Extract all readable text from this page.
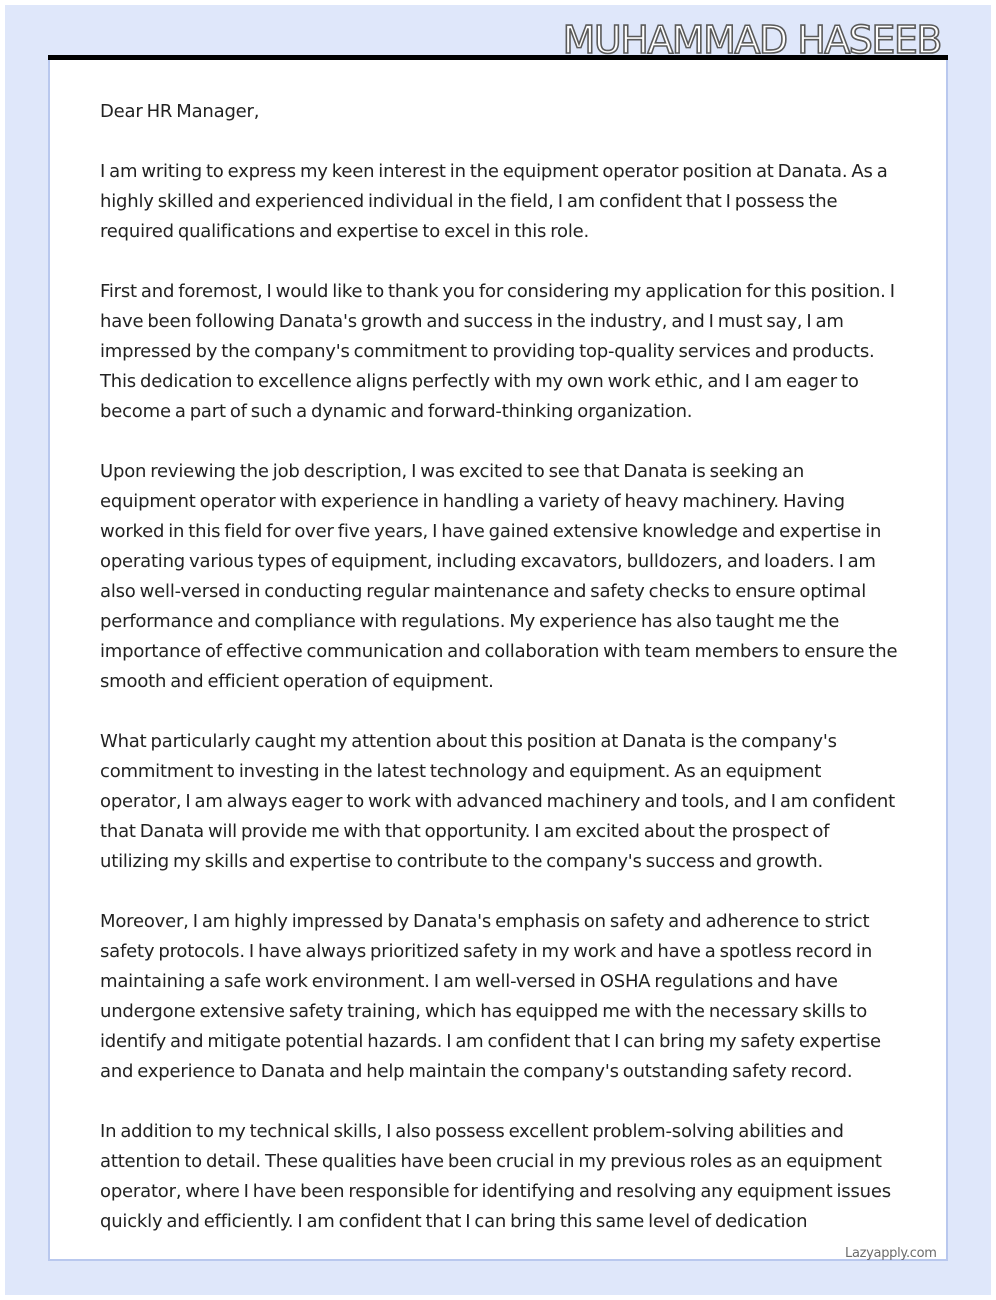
MUHAMMAD HASEEB

Dear HR Manager,

I am writing to express my keen interest in the equipment operator position at Danata. As a highly skilled and experienced individual in the field, I am confident that I possess the required qualifications and expertise to excel in this role.

First and foremost, I would like to thank you for considering my application for this position. I have been following Danata's growth and success in the industry, and I must say, I am impressed by the company's commitment to providing top-quality services and products. This dedication to excellence aligns perfectly with my own work ethic, and I am eager to become a part of such a dynamic and forward-thinking organization.

Upon reviewing the job description, I was excited to see that Danata is seeking an equipment operator with experience in handling a variety of heavy machinery. Having worked in this field for over five years, I have gained extensive knowledge and expertise in operating various types of equipment, including excavators, bulldozers, and loaders. I am also well-versed in conducting regular maintenance and safety checks to ensure optimal performance and compliance with regulations. My experience has also taught me the importance of effective communication and collaboration with team members to ensure the smooth and efficient operation of equipment.

What particularly caught my attention about this position at Danata is the company's commitment to investing in the latest technology and equipment. As an equipment operator, I am always eager to work with advanced machinery and tools, and I am confident that Danata will provide me with that opportunity. I am excited about the prospect of utilizing my skills and expertise to contribute to the company's success and growth.

Moreover, I am highly impressed by Danata's emphasis on safety and adherence to strict safety protocols. I have always prioritized safety in my work and have a spotless record in maintaining a safe work environment. I am well-versed in OSHA regulations and have undergone extensive safety training, which has equipped me with the necessary skills to identify and mitigate potential hazards. I am confident that I can bring my safety expertise and experience to Danata and help maintain the company's outstanding safety record.

In addition to my technical skills, I also possess excellent problem-solving abilities and attention to detail. These qualities have been crucial in my previous roles as an equipment operator, where I have been responsible for identifying and resolving any equipment issues quickly and efficiently. I am confident that I can bring this same level of dedication

Lazyapply.com
